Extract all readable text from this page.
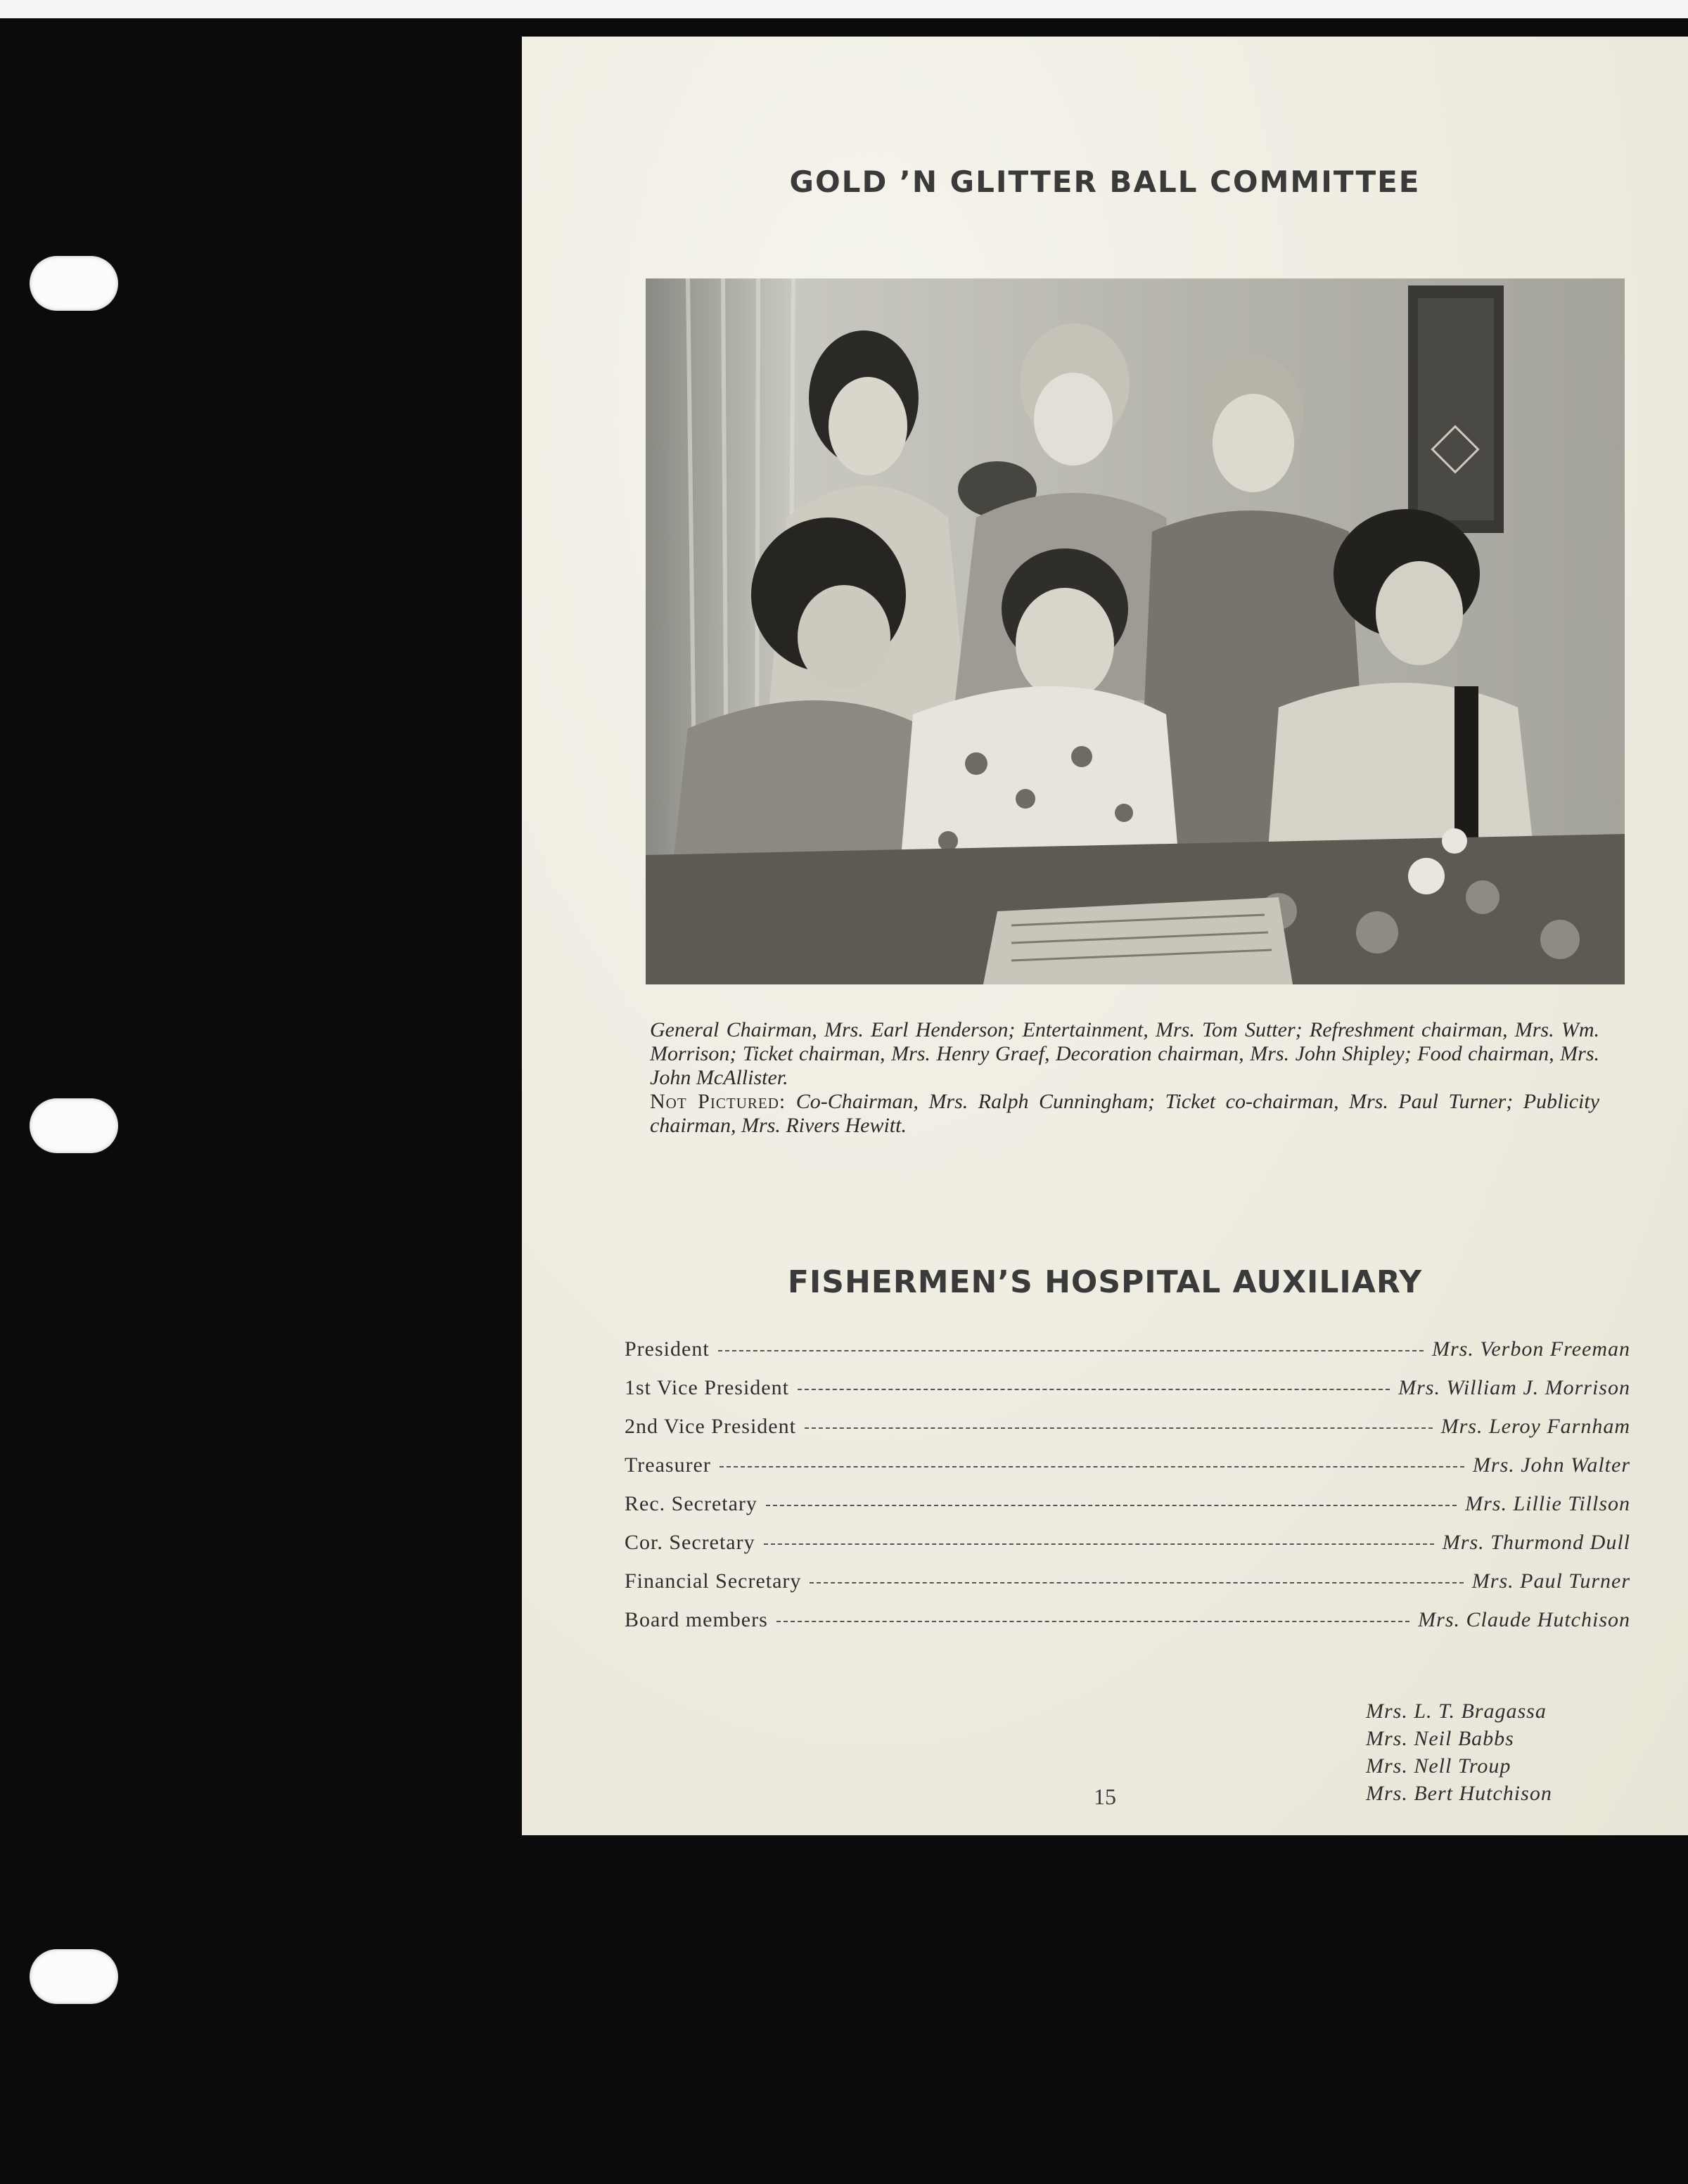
GOLD ’N GLITTER BALL COMMITTEE
General Chairman, Mrs. Earl Henderson; Entertainment, Mrs. Tom Sutter; Refreshment chairman, Mrs. Wm. Morrison; Ticket chairman, Mrs. Henry Graef, Decoration chairman, Mrs. John Shipley; Food chairman, Mrs. John McAllister.
Not Pictured: Co-Chairman, Mrs. Ralph Cunningham; Ticket co-chairman, Mrs. Paul Turner; Publicity chairman, Mrs. Rivers Hewitt.
FISHERMEN’S HOSPITAL AUXILIARY
President	Mrs. Verbon Freeman
1st Vice President	Mrs. William J. Morrison
2nd Vice President	Mrs. Leroy Farnham
Treasurer	Mrs. John Walter
Rec. Secretary	Mrs. Lillie Tillson
Cor. Secretary	Mrs. Thurmond Dull
Financial Secretary	Mrs. Paul Turner
Board members	Mrs. Claude Hutchison
Mrs. L. T. Bragassa
Mrs. Neil Babbs
Mrs. Nell Troup
Mrs. Bert Hutchison
15
